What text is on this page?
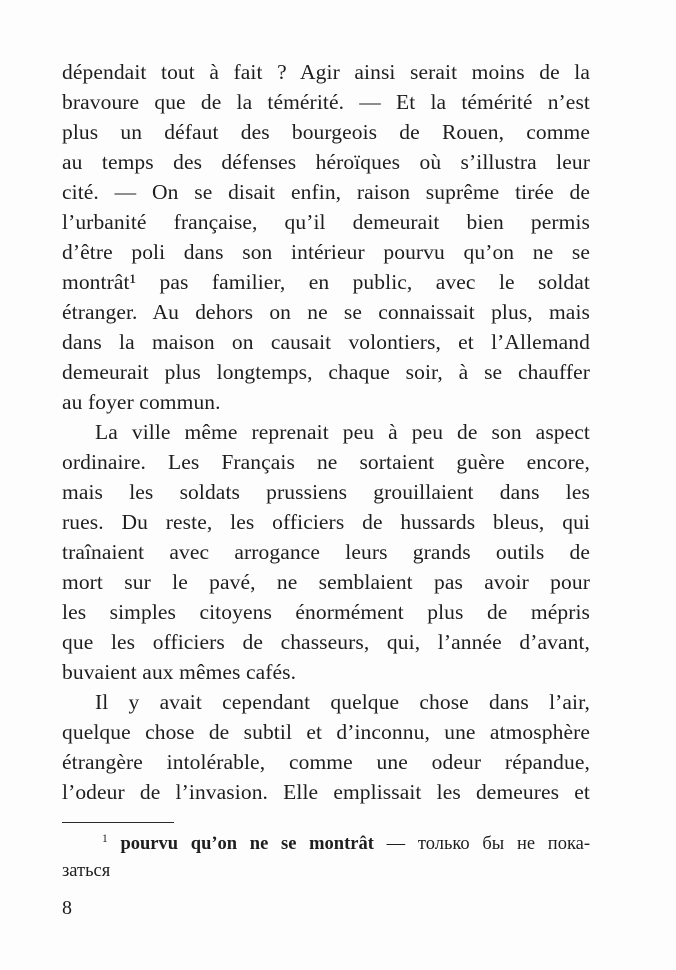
dépendait tout à fait ? Agir ainsi serait moins de la
bravoure que de la témérité. — Et la témérité n’est
plus un défaut des bourgeois de Rouen, comme
au temps des défenses héroïques où s’illustra leur
cité. — On se disait enfin, raison suprême tirée de
l’urbanité française, qu’il demeurait bien permis
d’être poli dans son intérieur pourvu qu’on ne se
montrât¹ pas familier, en public, avec le soldat
étranger. Au dehors on ne se connaissait plus, mais
dans la maison on causait volontiers, et l’Allemand
demeurait plus longtemps, chaque soir, à se chauffer
au foyer commun.
La ville même reprenait peu à peu de son aspect
ordinaire. Les Français ne sortaient guère encore,
mais les soldats prussiens grouillaient dans les
rues. Du reste, les officiers de hussards bleus, qui
traînaient avec arrogance leurs grands outils de
mort sur le pavé, ne semblaient pas avoir pour
les simples citoyens énormément plus de mépris
que les officiers de chasseurs, qui, l’année d’avant,
buvaient aux mêmes cafés.
Il y avait cependant quelque chose dans l’air,
quelque chose de subtil et d’inconnu, une atmosphère
étrangère intolérable, comme une odeur répandue,
l’odeur de l’invasion. Elle emplissait les demeures et
$^1$ pourvu qu’on ne se montrât — только бы не пока-
заться
8
